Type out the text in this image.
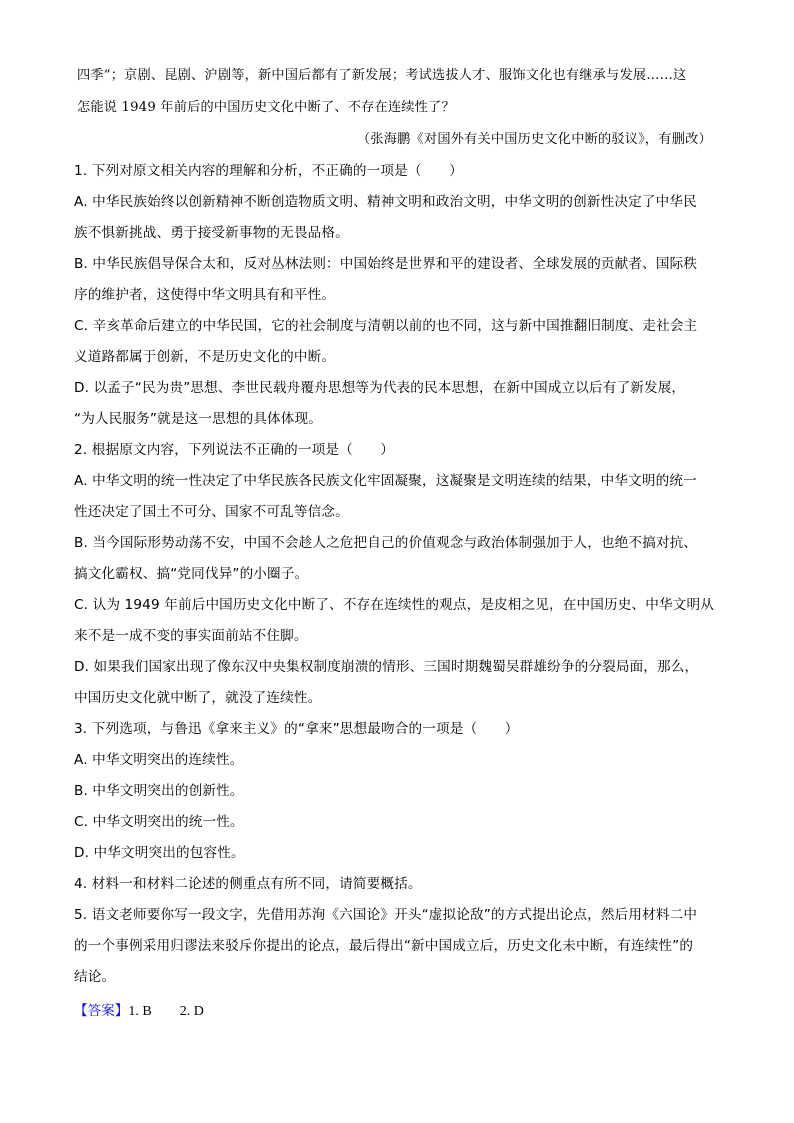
四季”；京剧、昆剧、沪剧等，新中国后都有了新发展；考试选拔人才、服饰文化也有继承与发展……这
怎能说 1949 年前后的中国历史文化中断了、不存在连续性了？
（张海鹏《对国外有关中国历史文化中断的驳议》，有删改）
1. 下列对原文相关内容的理解和分析，不正确的一项是（　　）
A. 中华民族始终以创新精神不断创造物质文明、精神文明和政治文明，中华文明的创新性决定了中华民
族不惧新挑战、勇于接受新事物的无畏品格。
B. 中华民族倡导保合太和，反对丛林法则：中国始终是世界和平的建设者、全球发展的贡献者、国际秩
序的维护者，这使得中华文明具有和平性。
C. 辛亥革命后建立的中华民国，它的社会制度与清朝以前的也不同，这与新中国推翻旧制度、走社会主
义道路都属于创新，不是历史文化的中断。
D. 以孟子“民为贵”思想、李世民载舟覆舟思想等为代表的民本思想，在新中国成立以后有了新发展，
“为人民服务”就是这一思想的具体体现。
2. 根据原文内容，下列说法不正确的一项是（　　）
A. 中华文明的统一性决定了中华民族各民族文化牢固凝聚，这凝聚是文明连续的结果，中华文明的统一
性还决定了国土不可分、国家不可乱等信念。
B. 当今国际形势动荡不安，中国不会趁人之危把自己的价值观念与政治体制强加于人，也绝不搞对抗、
搞文化霸权、搞“党同伐异”的小圈子。
C. 认为 1949 年前后中国历史文化中断了、不存在连续性的观点，是皮相之见，在中国历史、中华文明从
来不是一成不变的事实面前站不住脚。
D. 如果我们国家出现了像东汉中央集权制度崩溃的情形、三国时期魏蜀吴群雄纷争的分裂局面，那么，
中国历史文化就中断了，就没了连续性。
3. 下列选项，与鲁迅《拿来主义》的“拿来”思想最吻合的一项是（　　）
A. 中华文明突出的连续性。
B. 中华文明突出的创新性。
C. 中华文明突出的统一性。
D. 中华文明突出的包容性。
4. 材料一和材料二论述的侧重点有所不同，请简要概括。
5. 语文老师要你写一段文字，先借用苏洵《六国论》开头“虚拟论敌”的方式提出论点，然后用材料二中
的一个事例采用归谬法来驳斥你提出的论点，最后得出“新中国成立后，历史文化未中断，有连续性”的
结论。
【答案】1. B　　2. D
